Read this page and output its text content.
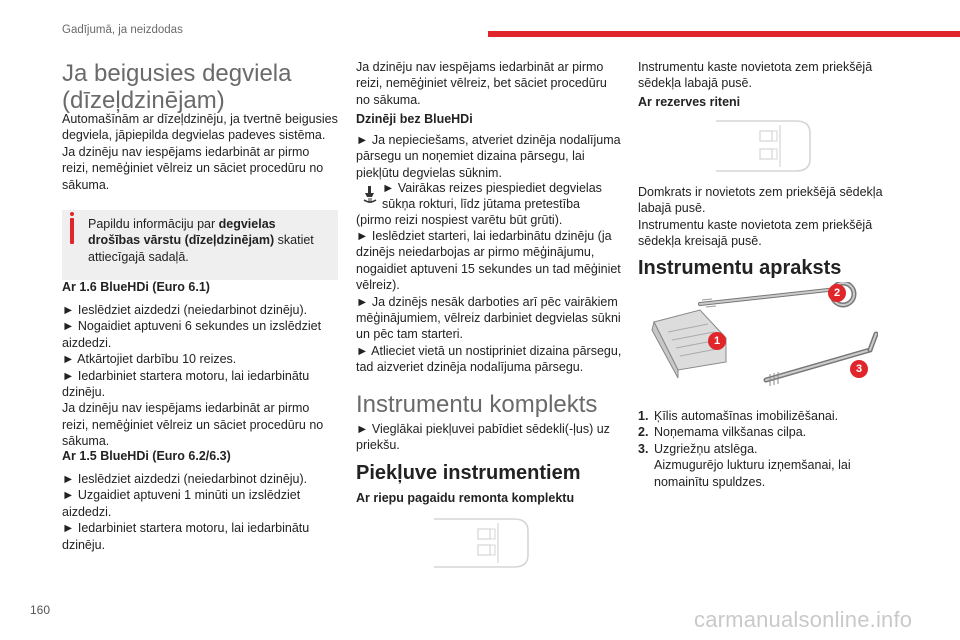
Gadījumā, ja neizdodas
Ja beigusies degviela (dīzeļdzinējam)

Automašīnām ar dīzeļdzinēju, ja tvertnē beigusies degviela, jāpiepilda degvielas padeves sistēma.

Ja dzinēju nav iespējams iedarbināt ar pirmo reizi, nemēģiniet vēlreiz un sāciet procedūru no sākuma.

Papildu informāciju par degvielas drošības vārstu (dīzeļdzinējam) skatiet attiecīgajā sadaļā.

Ar 1.6 BlueHDi (Euro 6.1)

► Ieslēdziet aizdedzi (neiedarbinot dzinēju).

► Nogaidiet aptuveni 6 sekundes un izslēdziet aizdedzi.

► Atkārtojiet darbību 10 reizes.

► Iedarbiniet startera motoru, lai iedarbinātu dzinēju.

Ja dzinēju nav iespējams iedarbināt ar pirmo reizi, nemēģiniet vēlreiz un sāciet procedūru no sākuma.

Ar 1.5 BlueHDi (Euro 6.2/6.3)

► Ieslēdziet aizdedzi (neiedarbinot dzinēju).

► Uzgaidiet aptuveni 1 minūti un izslēdziet aizdedzi.

► Iedarbiniet startera motoru, lai iedarbinātu dzinēju.

Ja dzinēju nav iespējams iedarbināt ar pirmo reizi, nemēģiniet vēlreiz, bet sāciet procedūru no sākuma.

Dzinēji bez BlueHDi

► Ja nepieciešams, atveriet dzinēja nodalījuma pārsegu un noņemiet dizaina pārsegu, lai piekļūtu degvielas sūknim.

► Vairākas reizes piespiediet degvielas

sūkņa rokturi, līdz jūtama pretestība

(pirmo reizi nospiest varētu būt grūti).

► Ieslēdziet starteri, lai iedarbinātu dzinēju (ja dzinējs neiedarbojas ar pirmo mēģinājumu, nogaidiet aptuveni 15 sekundes un tad mēģiniet vēlreiz).

► Ja dzinējs nesāk darboties arī pēc vairākiem mēģinājumiem, vēlreiz darbiniet degvielas sūkni un pēc tam starteri.

► Atlieciet vietā un nostipriniet dizaina pārsegu, tad aizveriet dzinēja nodalījuma pārsegu.

Instrumentu komplekts

► Vieglākai piekļuvei pabīdiet sēdekli(-ļus) uz priekšu.

Piekļuve instrumentiem
Ar riepu pagaidu remonta komplektu

Instrumentu kaste novietota zem priekšējā sēdekļa labajā pusē.

Ar rezerves riteni

Domkrats ir novietots zem priekšējā sēdekļa labajā pusē.

Instrumentu kaste novietota zem priekšējā sēdekļa kreisajā pusē.

Instrumentu apraksts
1
2
3
1. Ķīlis automašīnas imobilizēšanai.
2. Noņemama vilkšanas cilpa.
3. Uzgriežņu atslēga.
Aizmugurējo lukturu izņemšanai, lai nomainītu spuldzes.
160	carmanualsonline.info
